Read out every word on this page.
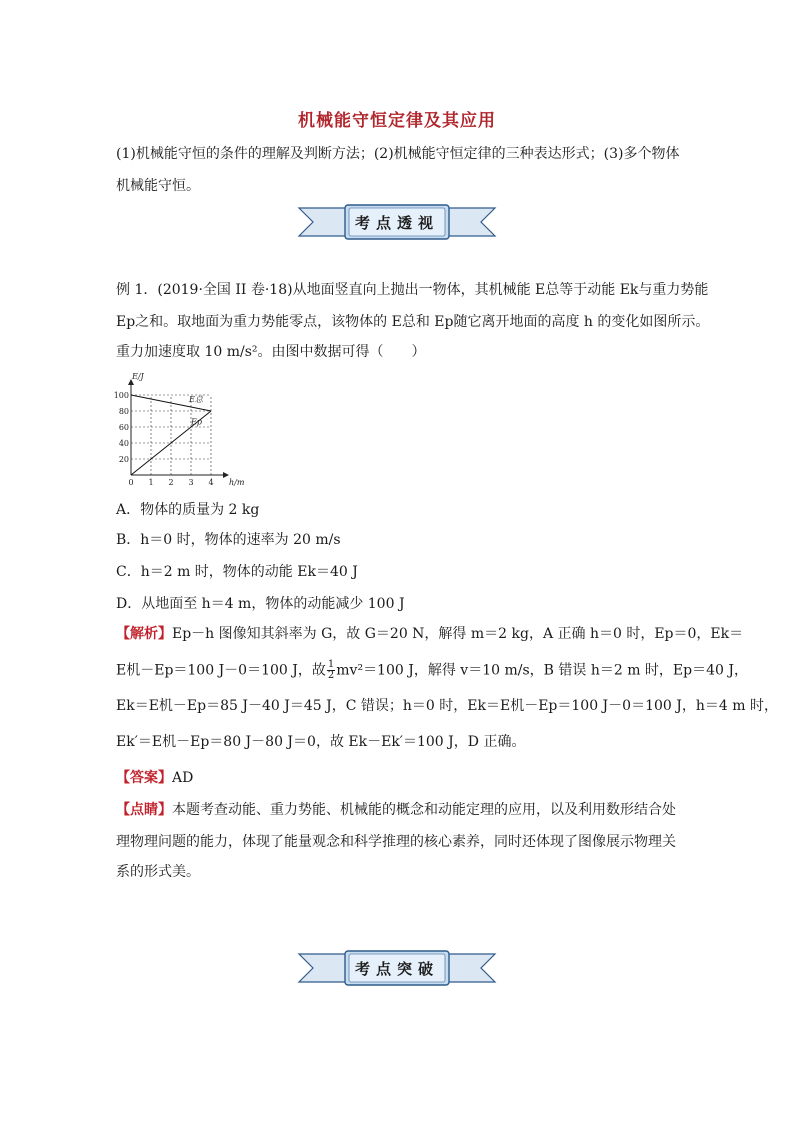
机械能守恒定律及其应用
(1)机械能守恒的条件的理解及判断方法；(2)机械能守恒定律的三种表达形式；(3)多个物体
机械能守恒。
考点透视
例 1．(2019·全国 II 卷·18)从地面竖直向上抛出一物体，其机械能 E总等于动能 Ek与重力势能
Ep之和。取地面为重力势能零点，该物体的 E总和 Ep随它离开地面的高度 h 的变化如图所示。
重力加速度取 10 m/s²。由图中数据可得（　　）
0 1 2 3 4
20
40
60
80
100
h/m
E/J
E总
Ep
A．物体的质量为 2 kg
B．h＝0 时，物体的速率为 20 m/s
C．h＝2 m 时，物体的动能 Ek＝40 J
D．从地面至 h＝4 m，物体的动能减少 100 J
【解析】Ep－h 图像知其斜率为 G，故 G＝20 N，解得 m＝2 kg，A 正确 h＝0 时，Ep＝0，Ek＝
E机－Ep＝100 J－0＝100 J，故 $\frac{1}{2} mv^2=100$ J，解得 v＝10 m/s，B 错误 h＝2 m 时，Ep＝40 J，
Ek＝E机－Ep＝85 J－40 J＝45 J，C 错误；h＝0 时，Ek＝E机－Ep＝100 J－0＝100 J，h＝4 m 时，
Ek′＝E机－Ep＝80 J－80 J＝0，故 Ek－Ek′＝100 J，D 正确。
【答案】AD
【点睛】本题考查动能、重力势能、机械能的概念和动能定理的应用，以及利用数形结合处
理物理问题的能力，体现了能量观念和科学推理的核心素养，同时还体现了图像展示物理关
系的形式美。
考点突破
